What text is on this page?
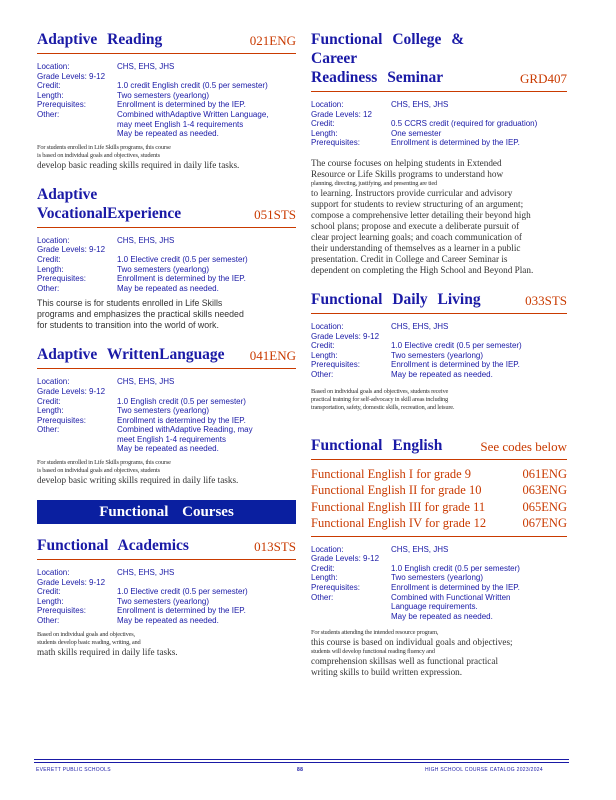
Adaptive Reading	021ENG
Location:	CHS, EHS, JHS
Grade Levels: 9-12
Credit:	1.0 credit English credit (0.5 per semester)
Length:	Two semesters (yearlong)
Prerequisites:	Enrollment is determined by the IEP.
Other:	Combined withAdaptive Written Language,
may meet English 1-4 requirements
May be repeated as needed.
For students enrolled in Life Skills programs, this course
is based on individual goals and objectives, students
develop basic reading skills required in daily life tasks.
Adaptive VocationalExperience	051STS
Location:	CHS, EHS, JHS
Grade Levels: 9-12
Credit:	1.0 Elective credit (0.5 per semester)
Length:	Two semesters (yearlong)
Prerequisites:	Enrollment is determined by the IEP.
Other:	May be repeated as needed.
This course is for students enrolled in Life Skills
programs and emphasizes the practical skills needed
for students to transition into the world of work.
Adaptive WrittenLanguage 041ENG
Location:	CHS, EHS, JHS
Grade Levels: 9-12
Credit:	1.0 English credit (0.5 per semester)
Length:	Two semesters (yearlong)
Prerequisites:	Enrollment is determined by the IEP.
Other:	Combined withAdaptive Reading, may
meet English 1-4 requirements
May be repeated as needed.
For students enrolled in Life Skills programs, this course
is based on individual goals and objectives, students
develop basic writing skills required in daily life tasks.
Functional Courses
Functional Academics	013STS
Location:	CHS, EHS, JHS
Grade Levels: 9-12
Credit:	1.0 Elective credit (0.5 per semester)
Length:	Two semesters (yearlong)
Prerequisites:	Enrollment is determined by the IEP.
Other:	May be repeated as needed.
Based on individual goals and objectives,
students develop basic reading, writing, and
math skills required in daily life tasks.
Functional College & Career
Readiness Seminar	GRD407
Location:	CHS, EHS, JHS
Grade Levels: 12
Credit:	0.5 CCRS credit (required for graduation)
Length:	One semester
Prerequisites:	Enrollment is determined by the IEP.
The course focuses on helping students in Extended
Resource or Life Skills programs to understand how
planning, directing, justifying, and presenting are tied
to learning. Instructors provide curricular and advisory
support for students to review structuring of an argument;
compose a comprehensive letter detailing their beyond high
school plans; propose and execute a deliberate pursuit of
clear project learning goals; and coach communication of
their understanding of themselves as a learner in a public
presentation. Credit in College and Career Seminar is
dependent on completing the High School and Beyond Plan.
Functional Daily Living	033STS
Location:	CHS, EHS, JHS
Grade Levels: 9-12
Credit:	1.0 Elective credit (0.5 per semester)
Length:	Two semesters (yearlong)
Prerequisites:	Enrollment is determined by the IEP.
Other:	May be repeated as needed.
Based on individual goals and objectives, students receive
practical training for self-advocacy in skill areas including
transportation, safety, domestic skills, recreation, and leisure.
Functional English	See codes below
Functional English I for grade 9	061ENG
Functional English II for grade 10	063ENG
Functional English III for grade 11	065ENG
Functional English IV for grade 12	067ENG
Location:	CHS, EHS, JHS
Grade Levels: 9-12
Credit:	1.0 English credit (0.5 per semester)
Length:	Two semesters (yearlong)
Prerequisites:	Enrollment is determined by the IEP.
Other:	Combined with Functional Written
Language requirements.
May be repeated as needed.
For students attending the intended resource program,
this course is based on individual goals and objectives;
students will develop functional reading fluency and
comprehension skillsas well as functional practical
writing skills to build written expression.
EVERETT PUBLIC SCHOOLS	88	HIGH SCHOOL COURSE CATALOG 2023/2024
